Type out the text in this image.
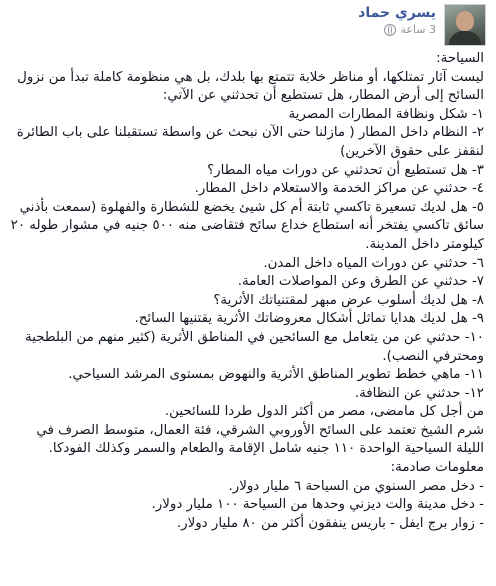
يسري حماد
3 ساعة

السياحة:

ليست آثار تمتلكها، أو مناظر خلابة تتمتع بها بلدك، بل هي منظومة كاملة تبدأ من نزول السائح إلى أرض المطار، هل تستطيع أن تحدثني عن الآتي:

١- شكل ونظافة المطارات المصرية

٢- النظام داخل المطار ( مازلنا حتى الآن نبحث عن واسطة تستقبلنا على باب الطائرة لنقفز على حقوق الآخرين)

٣- هل تستطيع أن تحدثني عن دورات مياه المطار؟

٤- حدثني عن مراكز الخدمة والاستعلام داخل المطار.

٥- هل لديك تسعيرة تاكسي ثابتة أم كل شيئ يخضع للشطارة والفهلوة (سمعت بأذني سائق تاكسي يفتخر أنه استطاع خداع سائح فتقاضى منه ٥٠٠ جنيه في مشوار طوله ٢٠ كيلومتر داخل المدينة.

٦- حدثني عن دورات المياه داخل المدن.

٧- حدثني عن الطرق وعن المواصلات العامة.

٨- هل لديك أسلوب عرض مبهر لمقتنياتك الأثرية؟

٩- هل لديك هدايا تماثل أشكال معروضاتك الأثرية يقتنيها السائح.

١٠- حدثني عن من يتعامل مع السائحين في المناطق الأثرية (كثير منهم من البلطجية ومحترفي النصب).

١١- ماهي خطط تطوير المناطق الأثرية والنهوض بمستوى المرشد السياحي.

١٢- حدثني عن النظافة.

من أجل كل مامضى، مصر من أكثر الدول طردا للسائحين.

شرم الشيخ تعتمد على السائح الأوروبي الشرقي، فئة العمال، متوسط الصرف في الليلة السياحية الواحدة ١١٠ جنيه شامل الإقامة والطعام والسمر وكذلك الفودكا.

معلومات صادمة:

- دخل مصر السنوي من السياحة ٦ مليار دولار.

- دخل مدينة والت ديزني وحدها من السياحة ١٠٠ مليار دولار.

- زوار برج ايفل - باريس ينفقون أكثر من ٨٠ مليار دولار.
